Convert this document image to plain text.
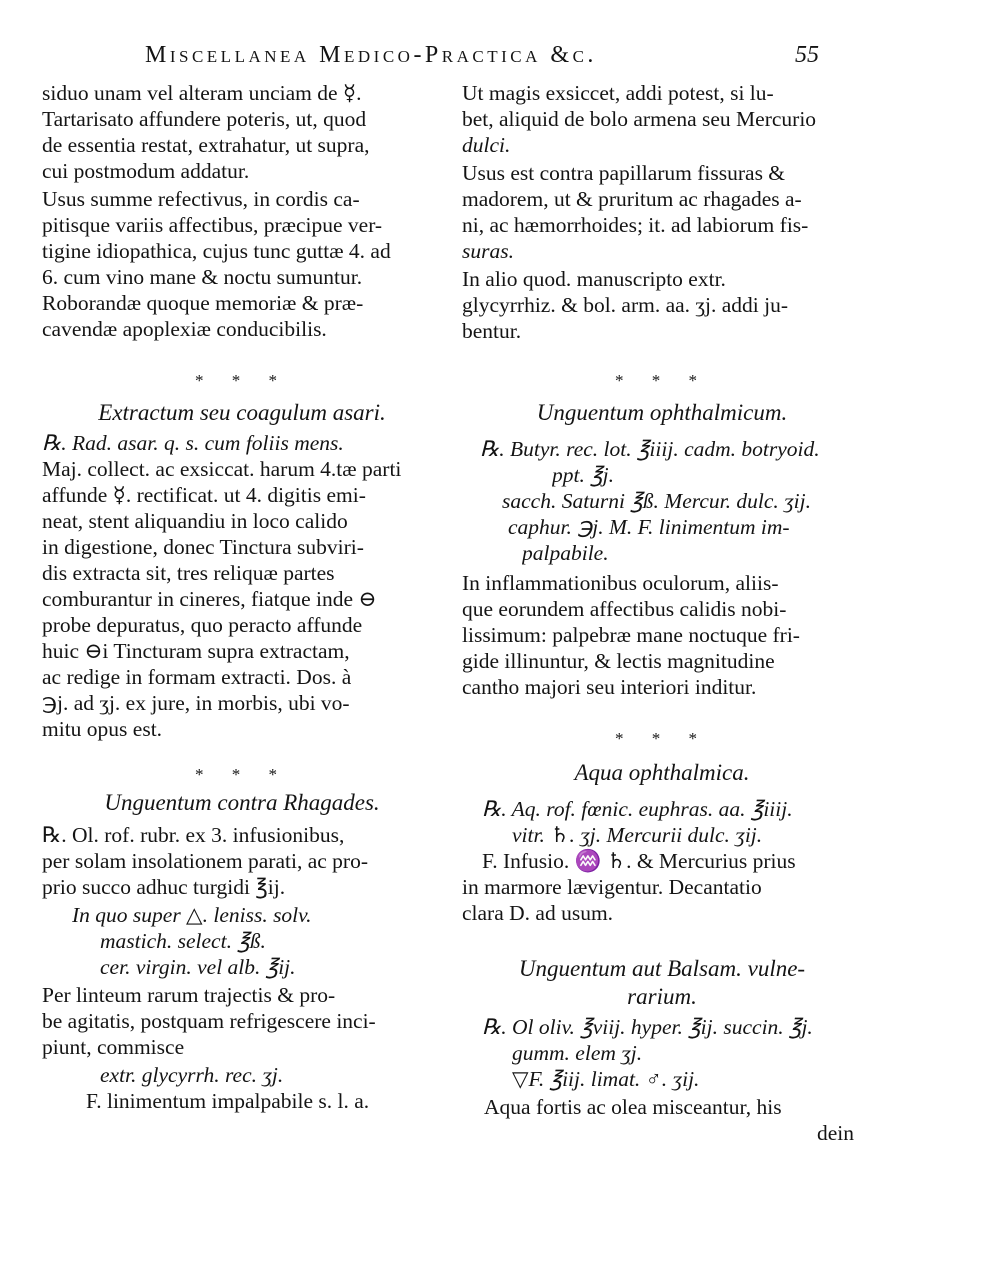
Miscellanea Medico-Practica &c.	55
siduo unam vel alteram unciam de ☿.
Tartarisato affundere poteris, ut, quod
de essentia restat, extrahatur, ut supra,
cui postmodum addatur.
Usus summe refectivus, in cordis ca-
pitisque variis affectibus, præcipue ver-
tigine idiopathica, cujus tunc guttæ 4. ad
6. cum vino mane & noctu sumuntur.
Roborandæ quoque memoriæ & præ-
cavendæ apoplexiæ conducibilis.
* * *
Extractum seu coagulum asari.
℞. Rad. asar. q. s. cum foliis mens.
Maj. collect. ac exsiccat. harum 4.tæ parti
affunde ☿. rectificat. ut 4. digitis emi-
neat, stent aliquandiu in loco calido
in digestione, donec Tinctura subviri-
dis extracta sit, tres reliquæ partes
comburantur in cineres, fiatque inde ⊖
probe depuratus, quo peracto affunde
huic ⊖i Tincturam supra extractam,
ac redige in formam extracti. Dos. à
℈j. ad ʒj. ex jure, in morbis, ubi vo-
mitu opus est.
* * *
Unguentum contra Rhagades.
℞. Ol. rof. rubr. ex 3. infusionibus,
per solam insolationem parati, ac pro-
prio succo adhuc turgidi ℥ij.
In quo super △. leniss. solv.
mastich. select. ℥ß.
cer. virgin. vel alb. ℥ij.
Per linteum rarum trajectis & pro-
be agitatis, postquam refrigescere inci-
piunt, commisce
extr. glycyrrh. rec. ʒj.
F. linimentum impalpabile s. l. a.
Ut magis exsiccet, addi potest, si lu-
bet, aliquid de bolo armena seu Mercurio
dulci.
Usus est contra papillarum fissuras &
madorem, ut & pruritum ac rhagades a-
ni, ac hæmorrhoides; it. ad labiorum fis-
suras.
In alio quod. manuscripto extr.
glycyrrhiz. & bol. arm. aa. ʒj. addi ju-
bentur.
* * *
Unguentum ophthalmicum.
℞. Butyr. rec. lot. ℥iiij. cadm. botryoid.
ppt. ℥j.
sacch. Saturni ℥ß. Mercur. dulc. ʒij.
caphur. ℈j. M. F. linimentum im-
palpabile.
In inflammationibus oculorum, aliis-
que eorundem affectibus calidis nobi-
lissimum: palpebræ mane noctuque fri-
gide illinuntur, & lectis magnitudine
cantho majori seu interiori inditur.
* * *
Aqua ophthalmica.
℞. Aq. rof. fœnic. euphras. aa. ℥iiij.
vitr. ♄. ʒj. Mercurii dulc. ʒij.
F. Infusio. ♒ ♄. & Mercurius prius
in marmore lævigentur. Decantatio
clara D. ad usum.
Unguentum aut Balsam. vulne-
rarium.
℞. Ol oliv. ℥viij. hyper. ℥ij. succin. ℥j.
gumm. elem ʒj.
▽F. ℥iij. limat. ♂. ʒij.
Aqua fortis ac olea misceantur, his
dein
